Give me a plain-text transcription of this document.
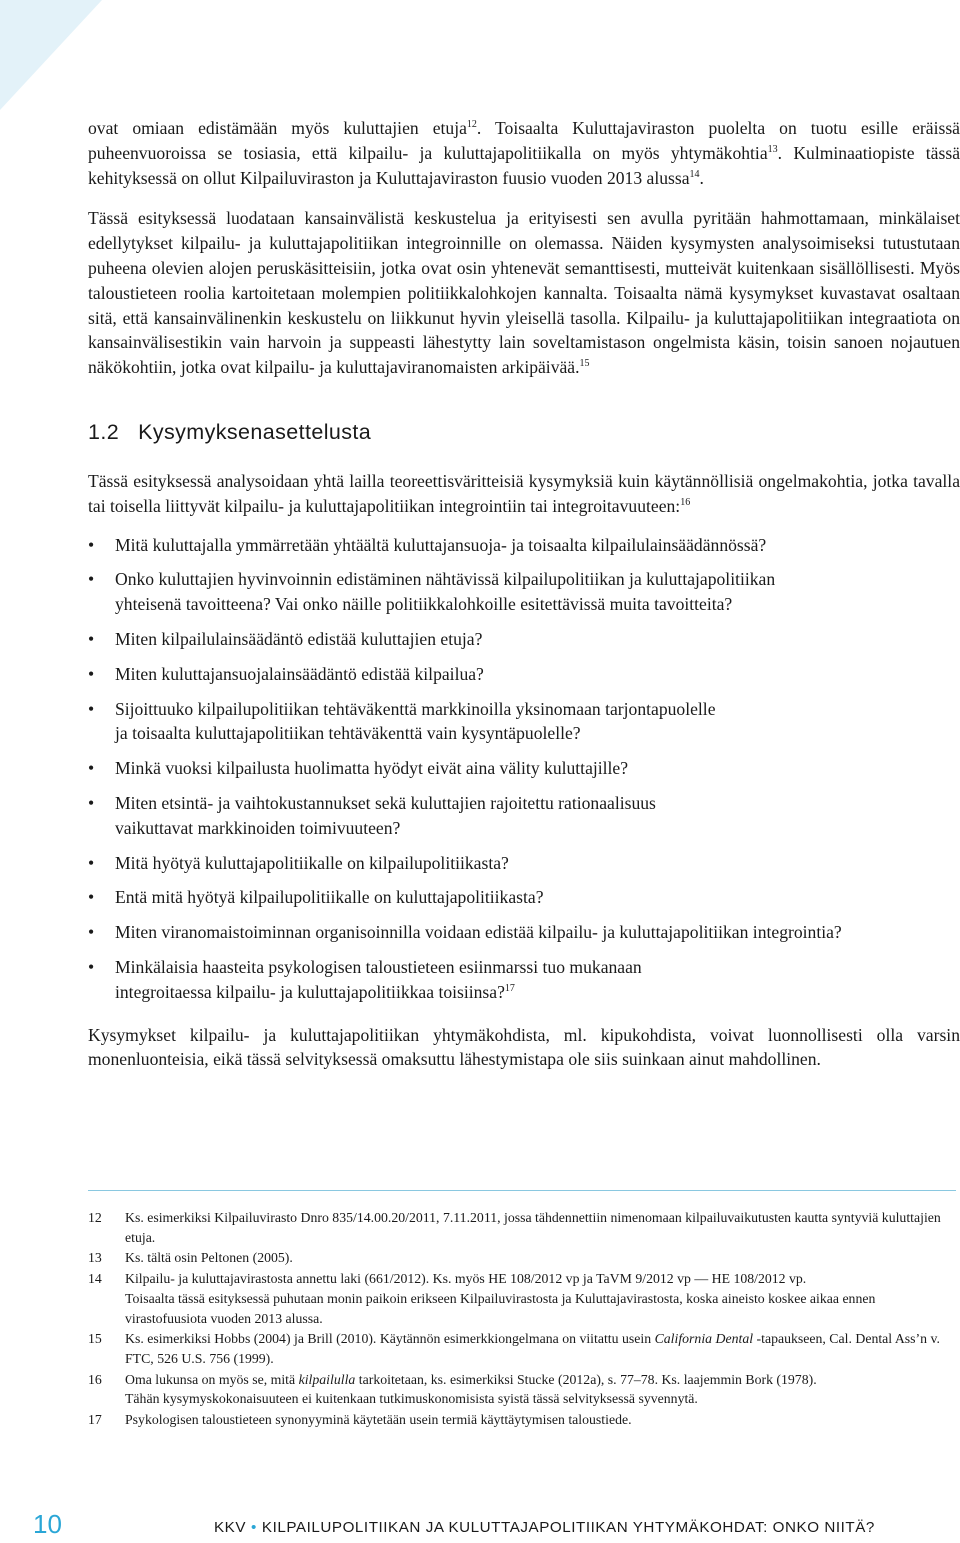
ovat omiaan edistämään myös kuluttajien etuja$^{12}$. Toisaalta Kuluttajaviraston puolelta on tuotu esille eräissä puheenvuoroissa se tosiasia, että kilpailu- ja kuluttajapolitiikalla on myös yhtymäkohtia$^{13}$. Kulminaatiopiste tässä kehityksessä on ollut Kilpailuviraston ja Kuluttajaviraston fuusio vuoden 2013 alussa$^{14}$.

Tässä esityksessä luodataan kansainvälistä keskustelua ja erityisesti sen avulla pyritään hahmottamaan, minkälaiset edellytykset kilpailu- ja kuluttajapolitiikan integroinnille on olemassa. Näiden kysymysten analysoimiseksi tutustutaan puheena olevien alojen peruskäsitteisiin, jotka ovat osin yhtenevät semanttisesti, mutteivät kuitenkaan sisällöllisesti. Myös taloustieteen roolia kartoitetaan molempien politiikkalohkojen kannalta. Toisaalta nämä kysymykset kuvastavat osaltaan sitä, että kansainvälinenkin keskustelu on liikkunut hyvin yleisellä tasolla. Kilpailu- ja kuluttajapolitiikan integraatiota on kansainvälisestikin vain harvoin ja suppeasti lähestytty lain soveltamistason ongelmista käsin, toisin sanoen nojautuen näkökohtiin, jotka ovat kilpailu- ja kuluttajaviranomaisten arkipäivää.$^{15}$

1.2 Kysymyksenasettelusta

Tässä esityksessä analysoidaan yhtä lailla teoreettisväritteisiä kysymyksiä kuin käytännöllisiä ongelmakohtia, jotka tavalla tai toisella liittyvät kilpailu- ja kuluttajapolitiikan integrointiin tai integroitavuuteen:$^{16}$

• Mitä kuluttajalla ymmärretään yhtäältä kuluttajansuoja- ja toisaalta kilpailulainsäädännössä?
• Onko kuluttajien hyvinvoinnin edistäminen nähtävissä kilpailupolitiikan ja kuluttajapolitiikan
yhteisenä tavoitteena? Vai onko näille politiikkalohkoille esitettävissä muita tavoitteita?
• Miten kilpailulainsäädäntö edistää kuluttajien etuja?
• Miten kuluttajansuojalainsäädäntö edistää kilpailua?
• Sijoittuuko kilpailupolitiikan tehtäväkenttä markkinoilla yksinomaan tarjontapuolelle
ja toisaalta kuluttajapolitiikan tehtäväkenttä vain kysyntäpuolelle?
• Minkä vuoksi kilpailusta huolimatta hyödyt eivät aina välity kuluttajille?
• Miten etsintä- ja vaihtokustannukset sekä kuluttajien rajoitettu rationaalisuus
vaikuttavat markkinoiden toimivuuteen?
• Mitä hyötyä kuluttajapolitiikalle on kilpailupolitiikasta?
• Entä mitä hyötyä kilpailupolitiikalle on kuluttajapolitiikasta?
• Miten viranomaistoiminnan organisoinnilla voidaan edistää kilpailu- ja kuluttajapolitiikan integrointia?
• Minkälaisia haasteita psykologisen taloustieteen esiinmarssi tuo mukanaan
integroitaessa kilpailu- ja kuluttajapolitiikkaa toisiinsa?$^{17}$

Kysymykset kilpailu- ja kuluttajapolitiikan yhtymäkohdista, ml. kipukohdista, voivat luonnollisesti olla varsin monenluonteisia, eikä tässä selvityksessä omaksuttu lähestymistapa ole siis suinkaan ainut mahdollinen.

12	Ks. esimerkiksi Kilpailuvirasto Dnro 835/14.00.20/2011, 7.11.2011, jossa tähdennettiin nimenomaan kilpailuvaikutusten kautta syntyviä kuluttajien etuja.
13	Ks. tältä osin Peltonen (2005).
14	Kilpailu- ja kuluttajavirastosta annettu laki (661/2012). Ks. myös HE 108/2012 vp ja TaVM 9/2012 vp — HE 108/2012 vp.
Toisaalta tässä esityksessä puhutaan monin paikoin erikseen Kilpailuvirastosta ja Kuluttajavirastosta, koska aineisto koskee aikaa ennen virastofuusiota vuoden 2013 alussa.
15	Ks. esimerkiksi Hobbs (2004) ja Brill (2010). Käytännön esimerkkiongelmana on viitattu usein California Dental -tapaukseen, Cal. Dental Ass’n v. FTC, 526 U.S. 756 (1999).
16	Oma lukunsa on myös se, mitä kilpailulla tarkoitetaan, ks. esimerkiksi Stucke (2012a), s. 77–78. Ks. laajemmin Bork (1978).
Tähän kysymyskokonaisuuteen ei kuitenkaan tutkimuskonomisista syistä tässä selvityksessä syvennytä.
17	Psykologisen taloustieteen synonyyminä käytetään usein termiä käyttäytymisen taloustiede.
10	KKV • KILPAILUPOLITIIKAN JA KULUTTAJAPOLITIIKAN YHTYMÄKOHDAT: ONKO NIITÄ?
